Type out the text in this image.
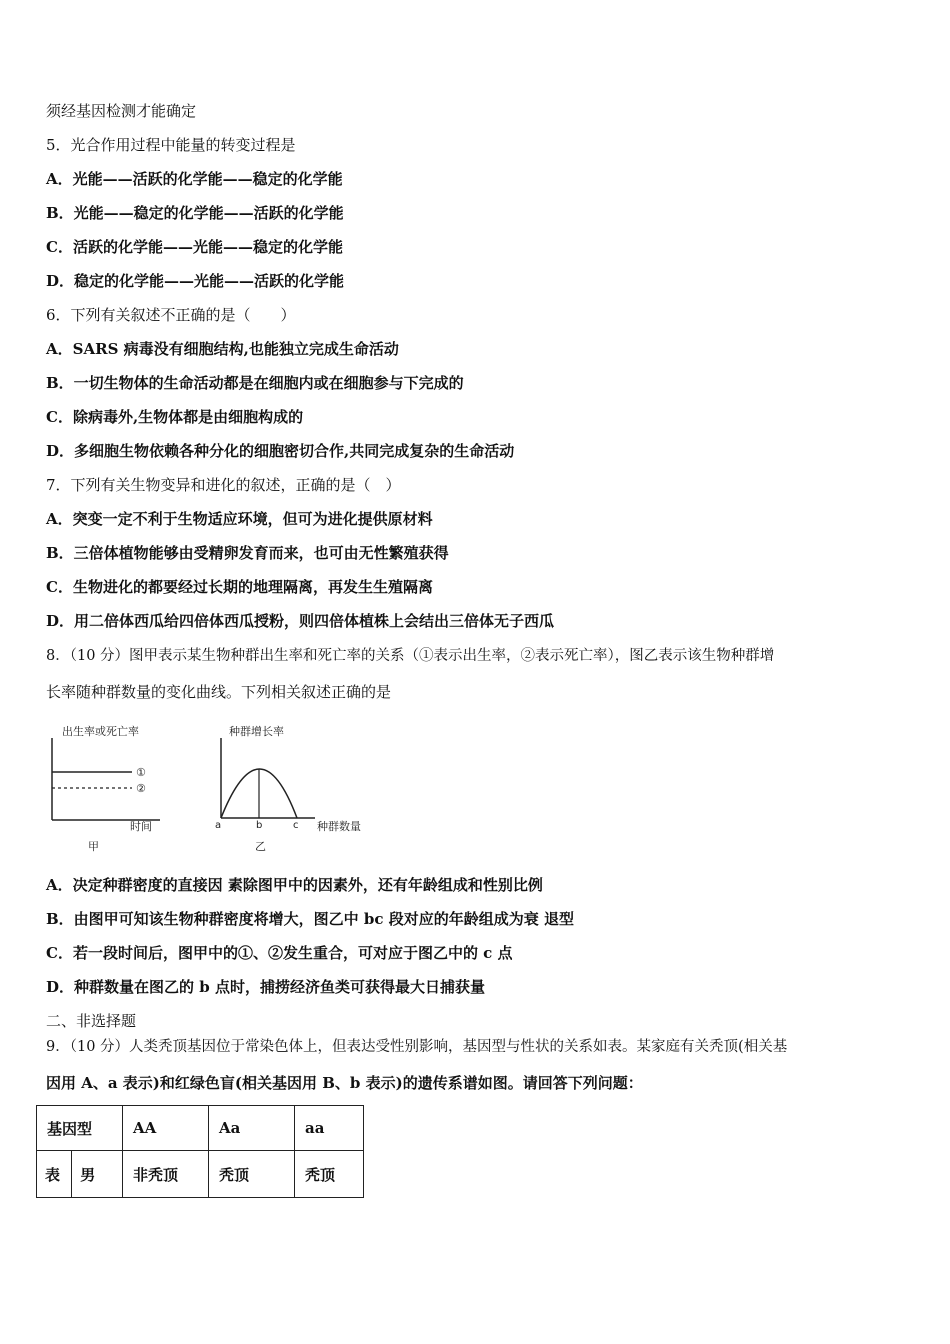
须经基因检测才能确定
5．光合作用过程中能量的转变过程是
A．光能——活跃的化学能——稳定的化学能
B．光能——稳定的化学能——活跃的化学能
C．活跃的化学能——光能——稳定的化学能
D．稳定的化学能——光能——活跃的化学能
6．下列有关叙述不正确的是（　　）
A．SARS 病毒没有细胞结构,也能独立完成生命活动
B．一切生物体的生命活动都是在细胞内或在细胞参与下完成的
C．除病毒外,生物体都是由细胞构成的
D．多细胞生物依赖各种分化的细胞密切合作,共同完成复杂的生命活动
7．下列有关生物变异和进化的叙述，正确的是（　）
A．突变一定不利于生物适应环境，但可为进化提供原材料
B．三倍体植物能够由受精卵发育而来，也可由无性繁殖获得
C．生物进化的都要经过长期的地理隔离，再发生生殖隔离
D．用二倍体西瓜给四倍体西瓜授粉，则四倍体植株上会结出三倍体无子西瓜
8．（10 分）图甲表示某生物种群出生率和死亡率的关系（①表示出生率，②表示死亡率），图乙表示该生物种群增
长率随种群数量的变化曲线。下列相关叙述正确的是
出生率或死亡率
①
②
时间
甲
种群增长率
a	b	c 种群数量
乙
A．决定种群密度的直接因 素除图甲中的因素外，还有年龄组成和性别比例
B．由图甲可知该生物种群密度将增大，图乙中 bc 段对应的年龄组成为衰 退型
C．若一段时间后，图甲中的①、②发生重合，可对应于图乙中的 c 点
D．种群数量在图乙的 b 点时，捕捞经济鱼类可获得最大日捕获量
二、非选择题
9．（10 分）人类秃顶基因位于常染色体上，但表达受性别影响，基因型与性状的关系如表。某家庭有关秃顶(相关基
因用 A、a 表示)和红绿色盲(相关基因用 B、b 表示)的遗传系谱如图。请回答下列问题：
基因型		AA	Aa	aa
表	男	非秃顶	秃顶	秃顶
